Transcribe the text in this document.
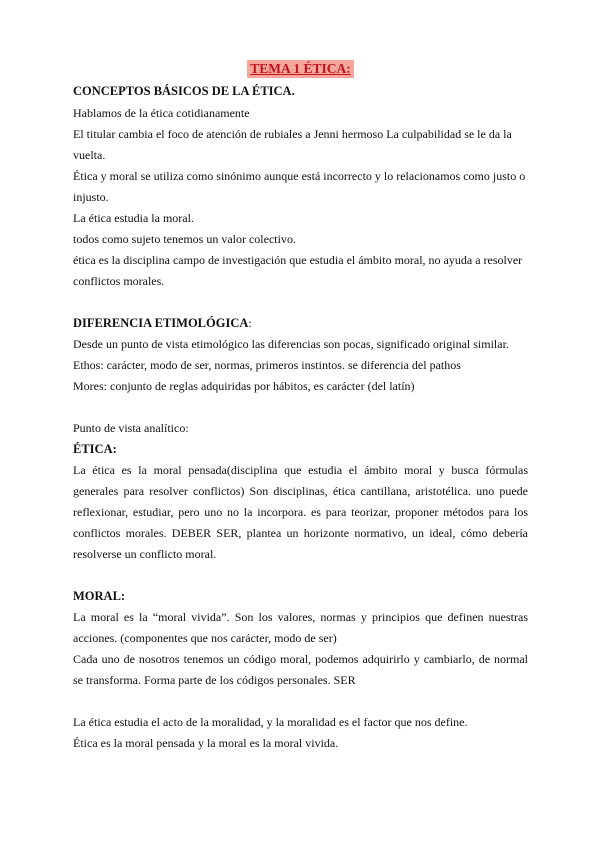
TEMA 1 ÉTICA:
CONCEPTOS BÁSICOS DE LA ÉTICA.

Hablamos de la ética cotidianamente

El titular cambia el foco de atención de rubiales a Jenni hermoso La culpabilidad se le da la vuelta.

Ética y moral se utiliza como sinónimo aunque está incorrecto y lo relacionamos como justo o injusto.

La ética estudia la moral.

todos como sujeto tenemos un valor colectivo.

ética es la disciplina campo de investigación que estudia el ámbito moral, no ayuda a resolver conflictos morales.

DIFERENCIA ETIMOLÓGICA:

Desde un punto de vista etimológico las diferencias son pocas, significado original similar.

Ethos: carácter, modo de ser, normas, primeros instintos. se diferencia del pathos

Mores: conjunto de reglas adquiridas por hábitos, es carácter (del latín)

Punto de vista analítico:

ÉTICA:

La ética es la moral pensada(disciplina que estudia el ámbito moral y busca fórmulas generales para resolver conflictos) Son disciplinas, ética cantillana, aristotélica. uno puede reflexionar, estudiar, pero uno no la incorpora. es para teorizar, proponer métodos para los conflictos morales. DEBER SER, plantea un horizonte normativo, un ideal, cómo debería resolverse un conflicto moral.

MORAL:

La moral es la “moral vivida”. Son los valores, normas y principios que definen nuestras acciones. (componentes que nos carácter, modo de ser)

Cada uno de nosotros tenemos un código moral, podemos adquirirlo y cambiarlo, de normal se transforma. Forma parte de los códigos personales. SER

La ética estudia el acto de la moralidad, y la moralidad es el factor que nos define.

Ética es la moral pensada y la moral es la moral vivida.
